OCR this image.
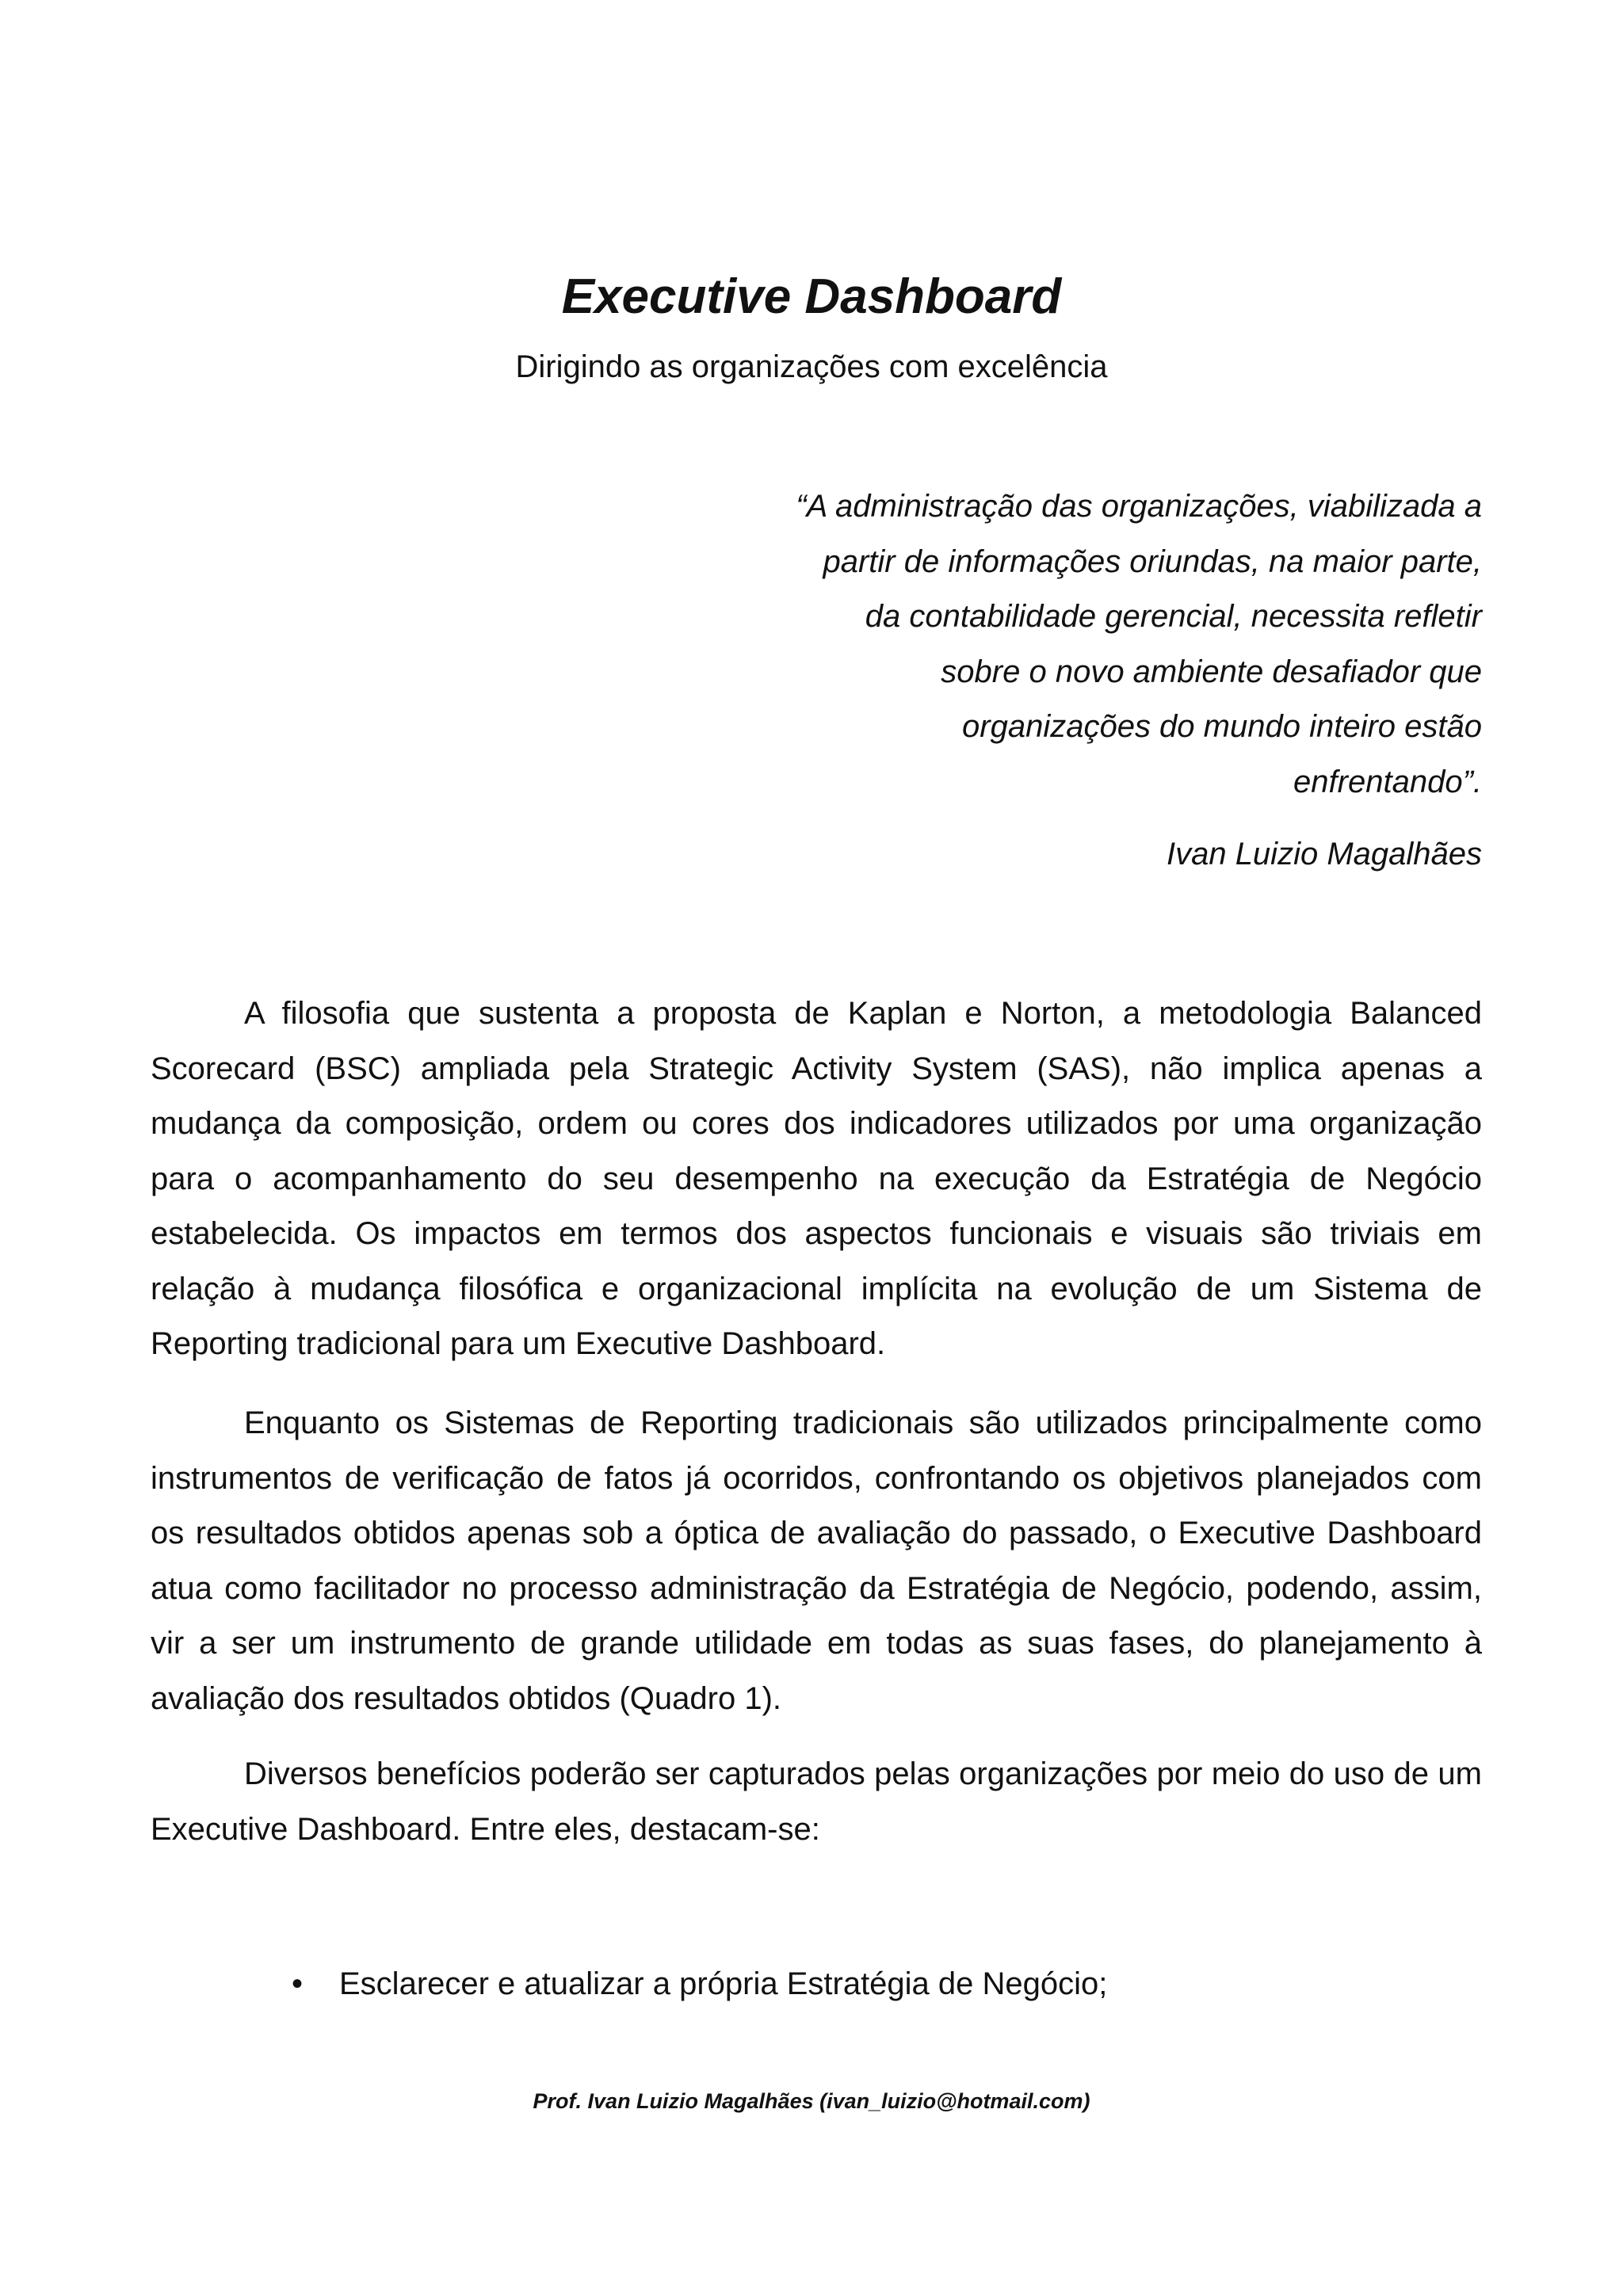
Executive Dashboard

Dirigindo as organizações com excelência

“A administração das organizações, viabilizada a partir de informações oriundas, na maior parte, da contabilidade gerencial, necessita refletir sobre o novo ambiente desafiador que organizações do mundo inteiro estão enfrentando”.

Ivan Luizio Magalhães

A filosofia que sustenta a proposta de Kaplan e Norton, a metodologia Balanced Scorecard (BSC) ampliada pela Strategic Activity System (SAS), não implica apenas a mudança da composição, ordem ou cores dos indicadores utilizados por uma organização para o acompanhamento do seu desempenho na execução da Estratégia de Negócio estabelecida. Os impactos em termos dos aspectos funcionais e visuais são triviais em relação à mudança filosófica e organizacional implícita na evolução de um Sistema de Reporting tradicional para um Executive Dashboard.

Enquanto os Sistemas de Reporting tradicionais são utilizados principalmente como instrumentos de verificação de fatos já ocorridos, confrontando os objetivos planejados com os resultados obtidos apenas sob a óptica de avaliação do passado, o Executive Dashboard atua como facilitador no processo administração da Estratégia de Negócio, podendo, assim, vir a ser um instrumento de grande utilidade em todas as suas fases, do planejamento à avaliação dos resultados obtidos (Quadro 1).

Diversos benefícios poderão ser capturados pelas organizações por meio do uso de um Executive Dashboard. Entre eles, destacam-se:

• Esclarecer e atualizar a própria Estratégia de Negócio;

Prof. Ivan Luizio Magalhães (ivan_luizio@hotmail.com)
